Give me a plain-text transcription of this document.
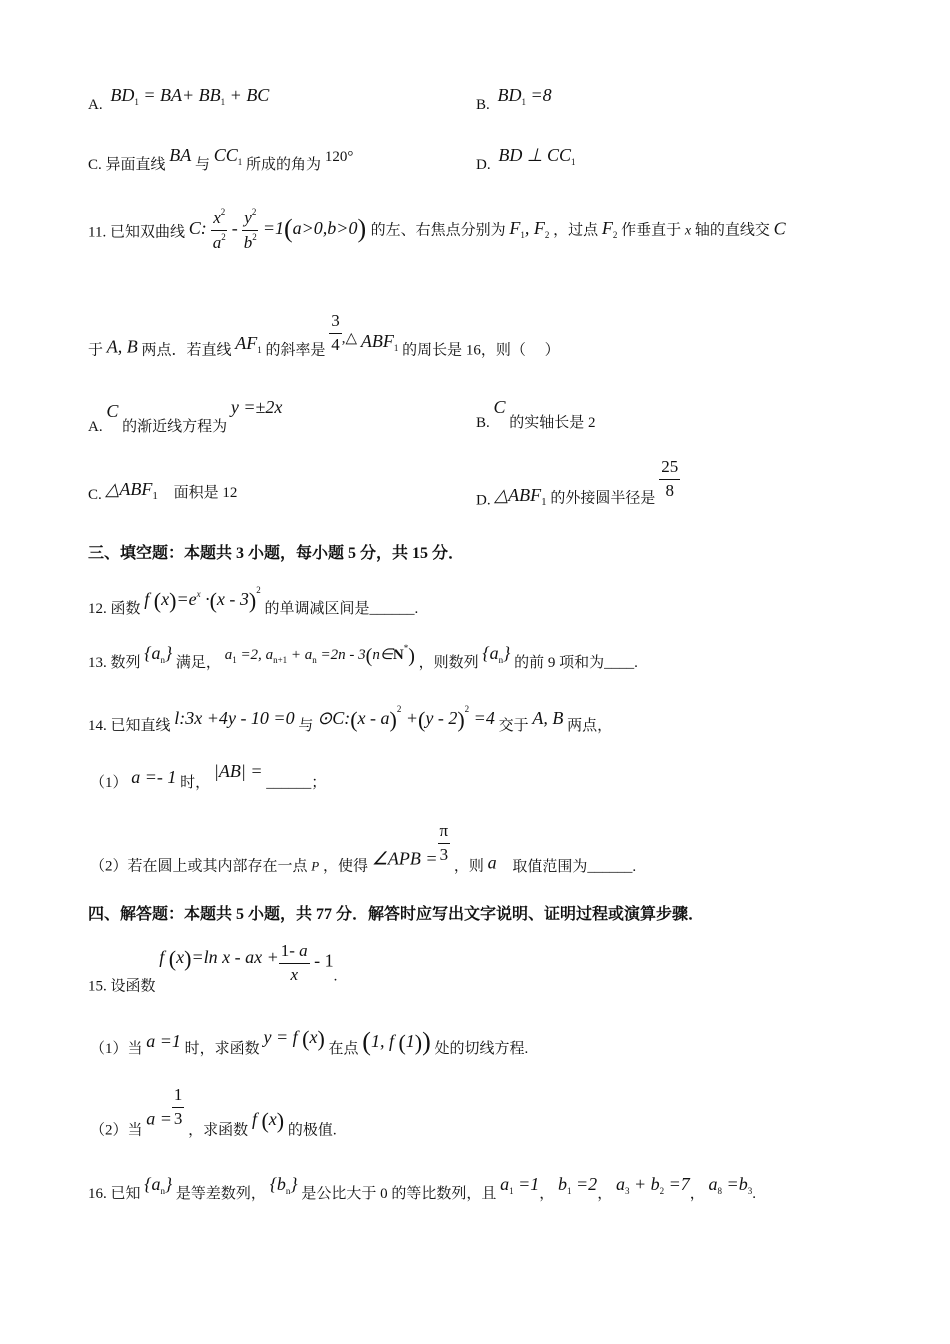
A. $BD_1 = BA+ BB_1$ + BC	B. $BD_1 =8$
C. 异面直线 BA 与 $CC_1$ 所成的角为 120°	D. BD ⊥ $CC_1$
11. 已知双曲线 C: $\frac{x^2}{a^2} - \frac{y^2}{b^2} =1(a>0,b>0)$ 的左、右焦点分别为 $F_1$, $F_2$ ，过点 $F_2$ 作垂直于 x 轴的直线交 C
于 A, B 两点．若直线 $AF_1$ 的斜率是 $\frac{3}{4}$ ,△ $ABF_1$ 的周长是 16，则（　 ）
A. C 的渐近线方程为 y =±2x
B. C 的实轴长是 2
C. $\triangle ABF_1$ 面积是 12	D. $\triangle ABF_1$ 的外接圆半径是 $\frac{25}{8}$
三、填空题：本题共 3 小题，每小题 5 分，共 15 分．
12. 函数 f $(x)=e^x \cdot(x - 3)^2$ 的单调减区间是______.
13. 数列 $\{a_n\}$ 满足， $a_1 =2$, $a_{n+1} + a_n =2n$ - 3(n∈N*) ，则数列 $\{a_n\}$ 的前 9 项和为____.
14. 已知直线 l:3x +4y - 10 =0 与 ⊙C:(x - a)$^2$ +(y - 2)$^2$ =4 交于 A, B 两点，
（1） a =- 1 时， |AB| = ______；
（2）若在圆上或其内部存在一点 P ，使得 ∠APB = $\frac{\pi}{3}$
，则 a 取值范围为______.
四、解答题：本题共 5 小题，共 77 分．解答时应写出文字说明、证明过程或演算步骤．
15. 设函数 f (x)=ln x - ax + $\frac{1- a}{x} - 1$.
（1）当 a =1 时，求函数 y = f (x) 在点 (1, f (1)) 处的切线方程.
（2）当 $a = \frac{1}{3}$
，求函数 f (x) 的极值.
16. 已知 $\{a_n\}$ 是等差数列， $\{b_n\}$ 是公比大于 0 的等比数列，且 $a_1 =1$， $b_1 =2$， $a_3 + b_2 =7$， $a_8 =b_3$.
